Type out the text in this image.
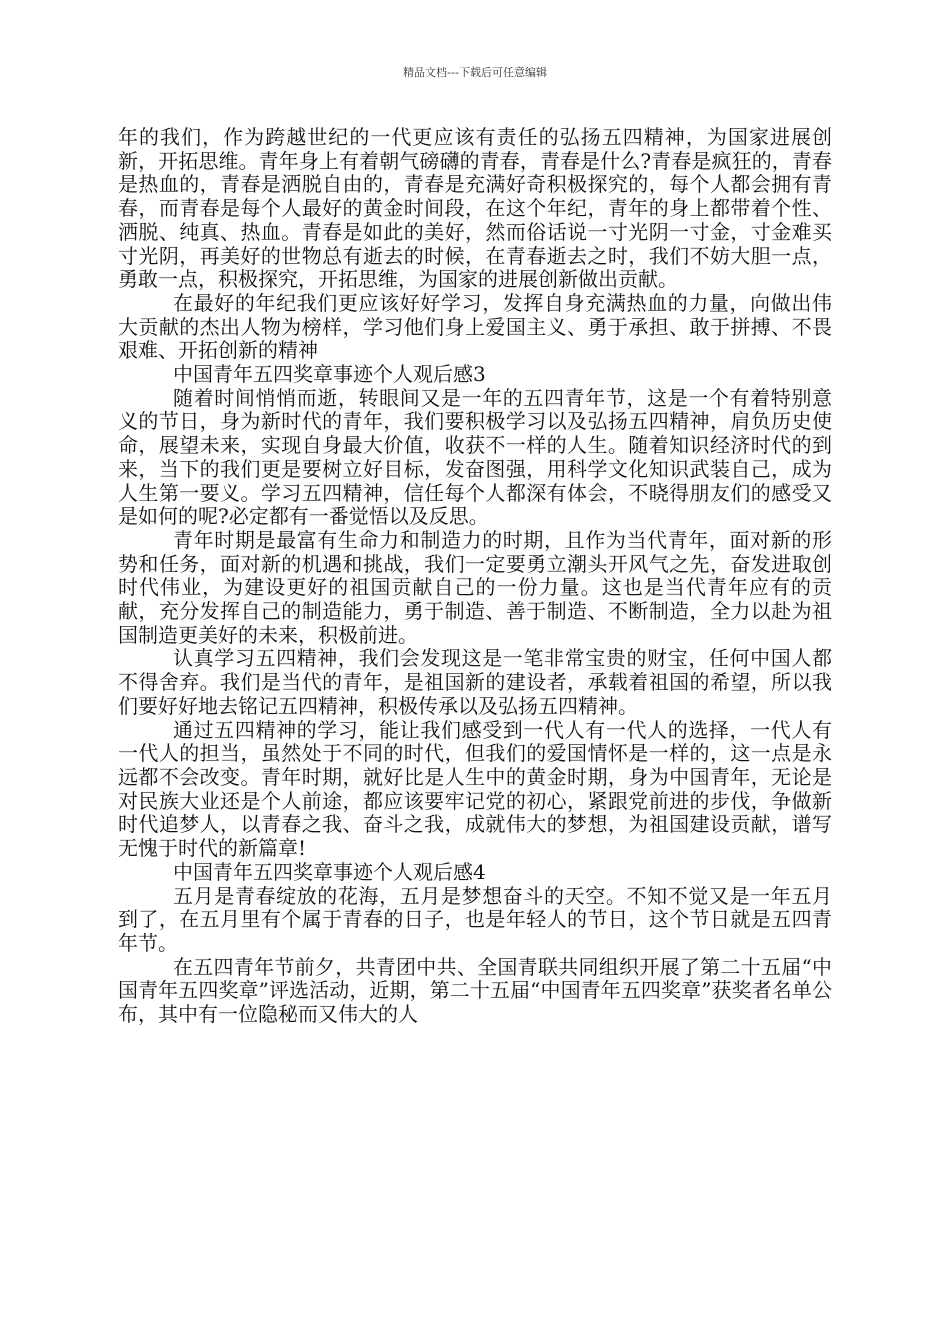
精品文档---下载后可任意编辑

年的我们，作为跨越世纪的一代更应该有责任的弘扬五四精神，为国家进展创新，开拓思维。青年身上有着朝气磅礴的青春，青春是什么?青春是疯狂的，青春是热血的，青春是洒脱自由的，青春是充满好奇积极探究的，每个人都会拥有青春，而青春是每个人最好的黄金时间段，在这个年纪，青年的身上都带着个性、洒脱、纯真、热血。青春是如此的美好，然而俗话说一寸光阴一寸金，寸金难买寸光阴，再美好的世物总有逝去的时候，在青春逝去之时，我们不妨大胆一点，勇敢一点，积极探究，开拓思维，为国家的进展创新做出贡献。

在最好的年纪我们更应该好好学习，发挥自身充满热血的力量，向做出伟大贡献的杰出人物为榜样，学习他们身上爱国主义、勇于承担、敢于拼搏、不畏艰难、开拓创新的精神

中国青年五四奖章事迹个人观后感3

随着时间悄悄而逝，转眼间又是一年的五四青年节，这是一个有着特别意义的节日，身为新时代的青年，我们要积极学习以及弘扬五四精神，肩负历史使命，展望未来，实现自身最大价值，收获不一样的人生。随着知识经济时代的到来，当下的我们更是要树立好目标，发奋图强，用科学文化知识武装自己，成为人生第一要义。学习五四精神，信任每个人都深有体会，不晓得朋友们的感受又是如何的呢?必定都有一番觉悟以及反思。

青年时期是最富有生命力和制造力的时期，且作为当代青年，面对新的形势和任务，面对新的机遇和挑战，我们一定要勇立潮头开风气之先，奋发进取创时代伟业，为建设更好的祖国贡献自己的一份力量。这也是当代青年应有的贡献，充分发挥自己的制造能力，勇于制造、善于制造、不断制造，全力以赴为祖国制造更美好的未来，积极前进。

认真学习五四精神，我们会发现这是一笔非常宝贵的财宝，任何中国人都不得舍弃。我们是当代的青年，是祖国新的建设者，承载着祖国的希望，所以我们要好好地去铭记五四精神，积极传承以及弘扬五四精神。

通过五四精神的学习，能让我们感受到一代人有一代人的选择，一代人有一代人的担当，虽然处于不同的时代，但我们的爱国情怀是一样的，这一点是永远都不会改变。青年时期，就好比是人生中的黄金时期，身为中国青年，无论是对民族大业还是个人前途，都应该要牢记党的初心，紧跟党前进的步伐，争做新时代追梦人，以青春之我、奋斗之我，成就伟大的梦想，为祖国建设贡献，谱写无愧于时代的新篇章!

中国青年五四奖章事迹个人观后感4

五月是青春绽放的花海，五月是梦想奋斗的天空。不知不觉又是一年五月到了，在五月里有个属于青春的日子，也是年轻人的节日，这个节日就是五四青年节。

在五四青年节前夕，共青团中共、全国青联共同组织开展了第二十五届“中国青年五四奖章”评选活动，近期，第二十五届“中国青年五四奖章”获奖者名单公布，其中有一位隐秘而又伟大的人
